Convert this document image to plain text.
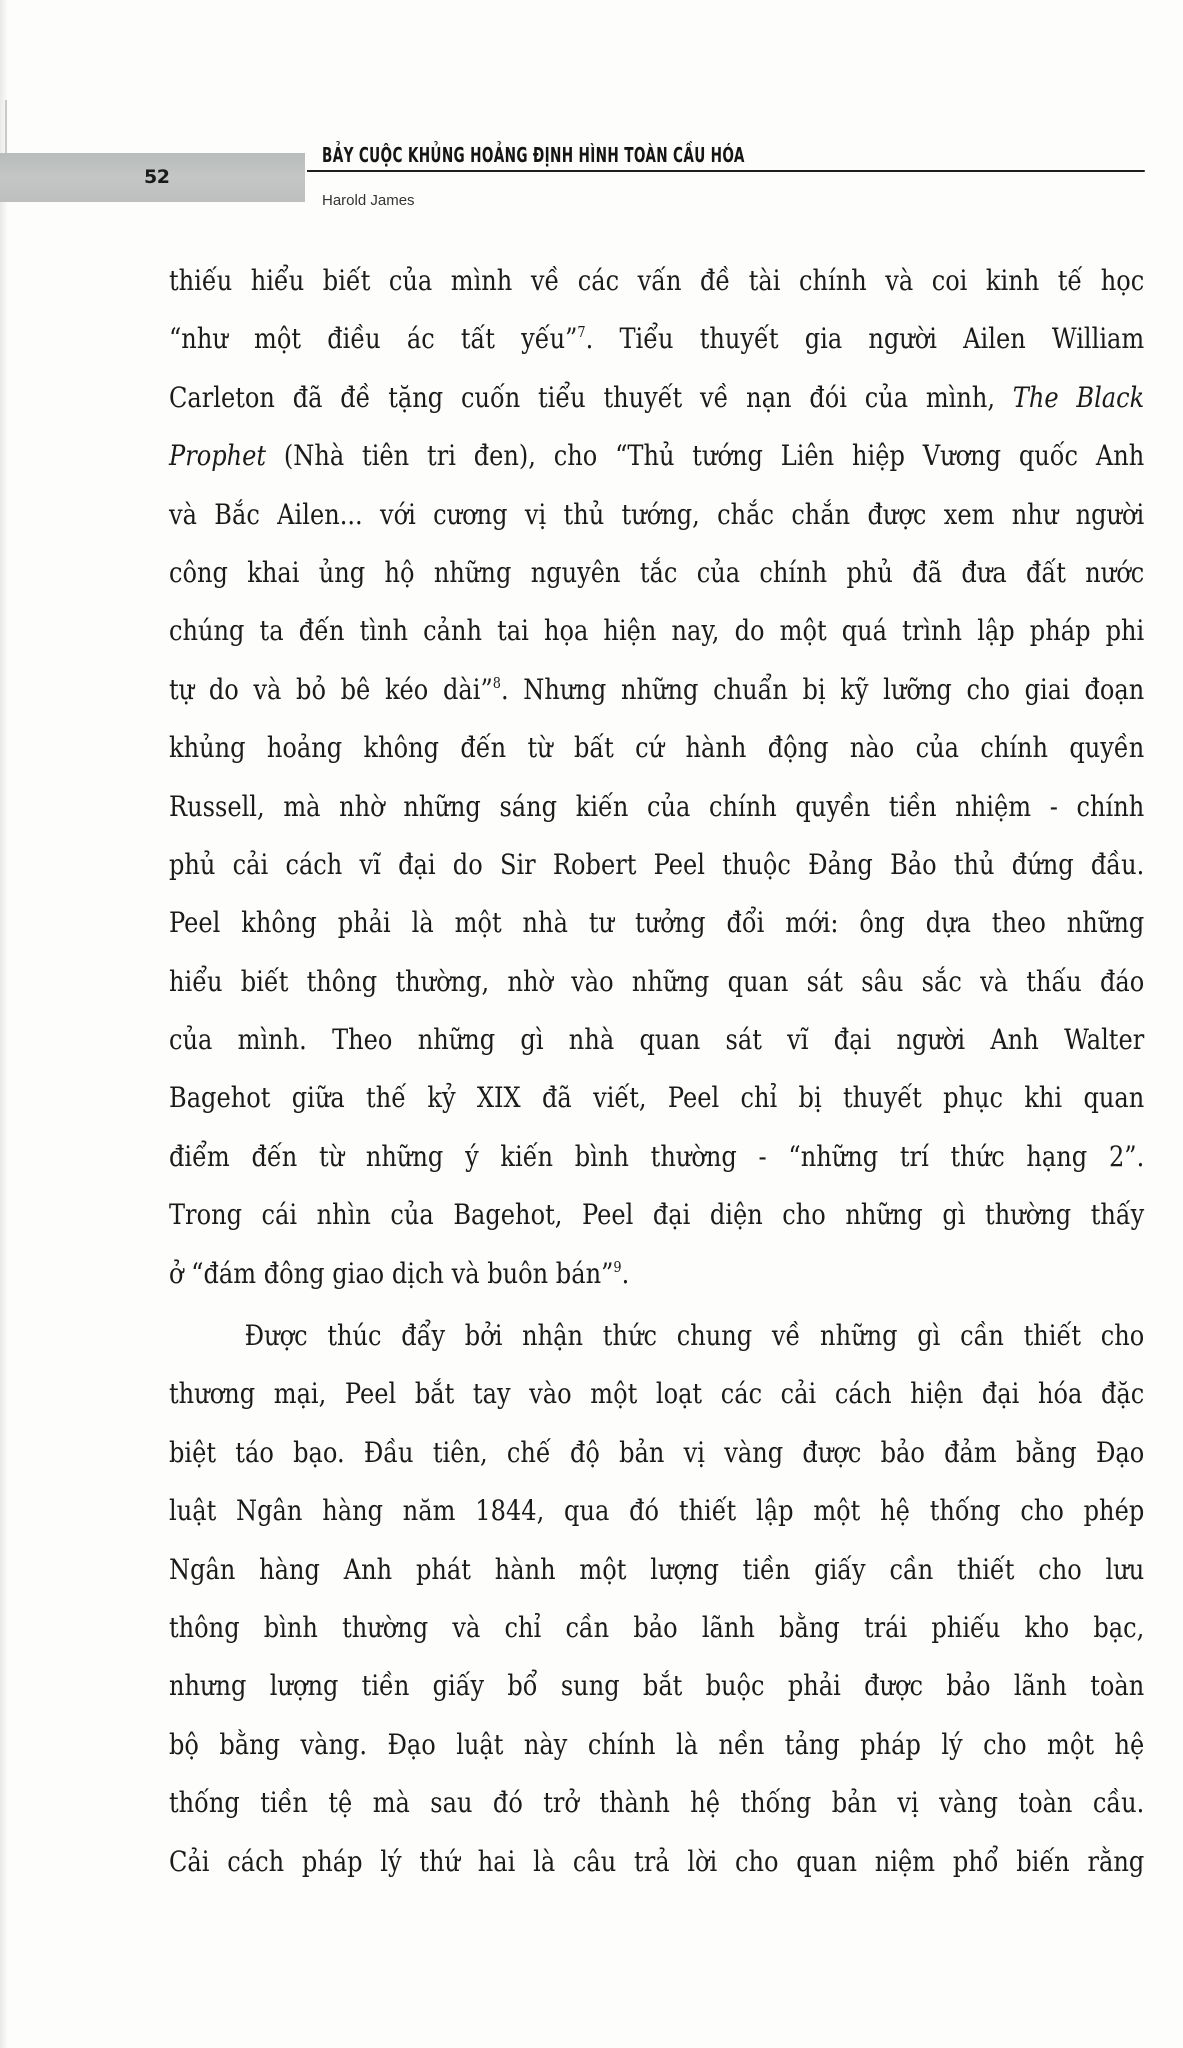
52
BẢY CUỘC KHỦNG HOẢNG ĐỊNH HÌNH TOÀN CẦU HÓA
Harold James
thiếu hiểu biết của mình về các vấn đề tài chính và coi kinh tế học
“như một điều ác tất yếu”$^7$. Tiểu thuyết gia người Ailen William
Carleton đã đề tặng cuốn tiểu thuyết về nạn đói của mình, The Black
Prophet (Nhà tiên tri đen), cho “Thủ tướng Liên hiệp Vương quốc Anh
và Bắc Ailen... với cương vị thủ tướng, chắc chắn được xem như người
công khai ủng hộ những nguyên tắc của chính phủ đã đưa đất nước
chúng ta đến tình cảnh tai họa hiện nay, do một quá trình lập pháp phi
tự do và bỏ bê kéo dài”$^8$. Nhưng những chuẩn bị kỹ lưỡng cho giai đoạn
khủng hoảng không đến từ bất cứ hành động nào của chính quyền
Russell, mà nhờ những sáng kiến của chính quyền tiền nhiệm - chính
phủ cải cách vĩ đại do Sir Robert Peel thuộc Đảng Bảo thủ đứng đầu.
Peel không phải là một nhà tư tưởng đổi mới: ông dựa theo những
hiểu biết thông thường, nhờ vào những quan sát sâu sắc và thấu đáo
của mình. Theo những gì nhà quan sát vĩ đại người Anh Walter
Bagehot giữa thế kỷ XIX đã viết, Peel chỉ bị thuyết phục khi quan
điểm đến từ những ý kiến bình thường - “những trí thức hạng 2”.
Trong cái nhìn của Bagehot, Peel đại diện cho những gì thường thấy
ở “đám đông giao dịch và buôn bán”$^9$.
Được thúc đẩy bởi nhận thức chung về những gì cần thiết cho
thương mại, Peel bắt tay vào một loạt các cải cách hiện đại hóa đặc
biệt táo bạo. Đầu tiên, chế độ bản vị vàng được bảo đảm bằng Đạo
luật Ngân hàng năm 1844, qua đó thiết lập một hệ thống cho phép
Ngân hàng Anh phát hành một lượng tiền giấy cần thiết cho lưu
thông bình thường và chỉ cần bảo lãnh bằng trái phiếu kho bạc,
nhưng lượng tiền giấy bổ sung bắt buộc phải được bảo lãnh toàn
bộ bằng vàng. Đạo luật này chính là nền tảng pháp lý cho một hệ
thống tiền tệ mà sau đó trở thành hệ thống bản vị vàng toàn cầu.
Cải cách pháp lý thứ hai là câu trả lời cho quan niệm phổ biến rằng
